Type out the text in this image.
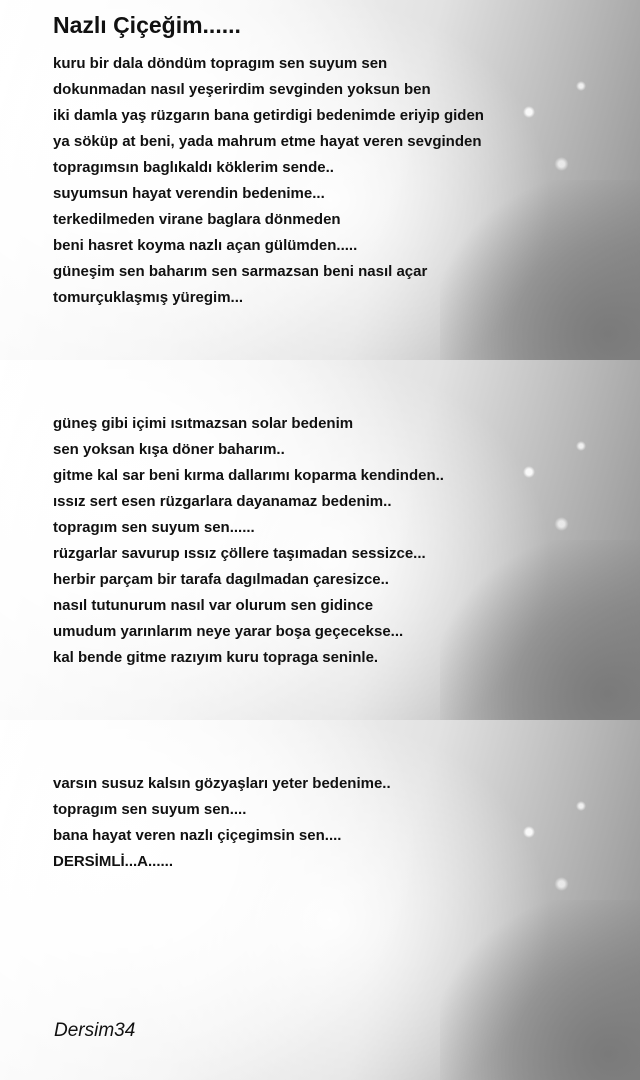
Nazlı Çiçeğim......
kuru bir dala döndüm topragım sen suyum sen
dokunmadan nasıl yeşerirdim sevginden yoksun ben
iki damla yaş rüzgarın bana getirdigi bedenimde eriyip giden
ya söküp at beni, yada mahrum etme hayat veren sevginden
topragımsın baglıkaldı köklerim sende..
suyumsun hayat verendin bedenime...
terkedilmeden virane baglara dönmeden
beni hasret koyma nazlı açan gülümden.....
güneşim sen baharım sen sarmazsan beni nasıl açar
tomurçuklaşmış yüregim...
güneş gibi içimi ısıtmazsan solar bedenim
sen yoksan kışa döner baharım..
gitme kal sar beni kırma dallarımı koparma kendinden..
ıssız sert esen rüzgarlara dayanamaz bedenim..
topragım sen suyum sen......
rüzgarlar savurup ıssız çöllere taşımadan sessizce...
herbir parçam bir tarafa dagılmadan çaresizce..
nasıl tutunurum nasıl var olurum sen gidince
umudum yarınlarım neye yarar boşa geçecekse...
kal bende gitme razıyım kuru topraga seninle.
varsın susuz kalsın gözyaşları yeter bedenime..
topragım sen suyum sen....
bana hayat veren nazlı çiçegimsin sen....
DERSİMLİ...A......

Dersim34
